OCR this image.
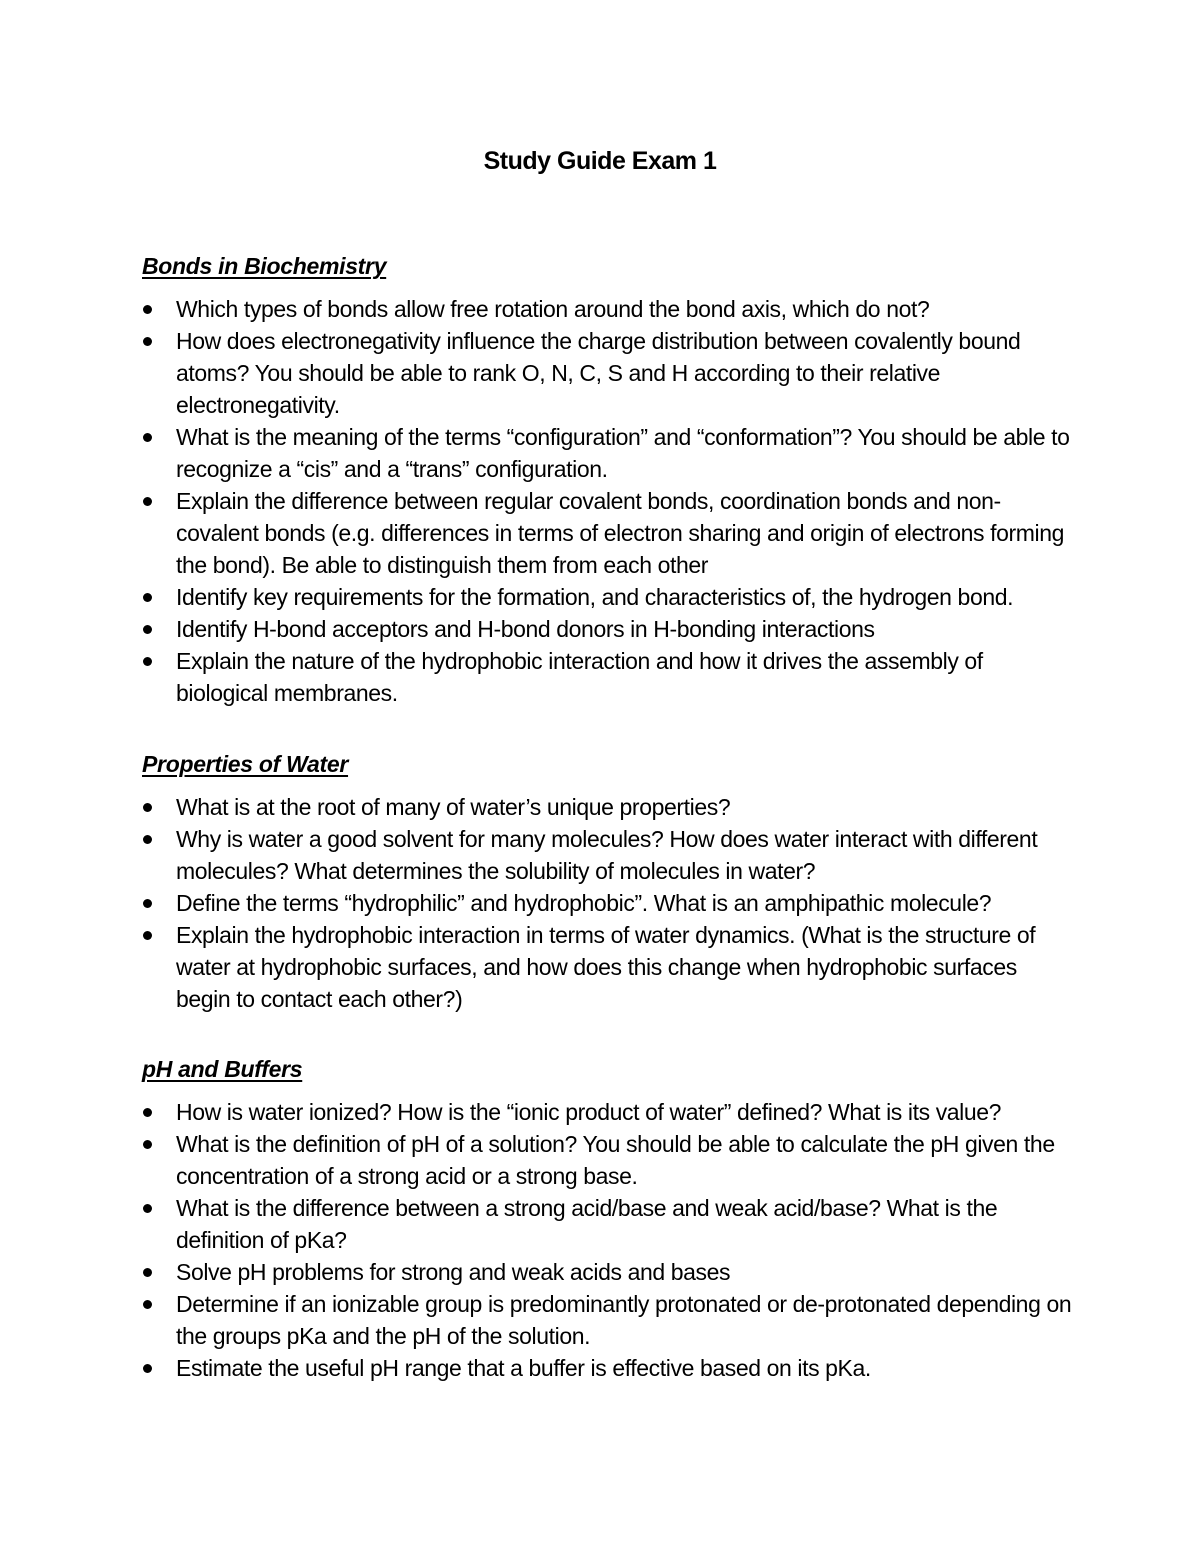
Study Guide Exam 1
Bonds in Biochemistry
Which types of bonds allow free rotation around the bond axis, which do not?
How does electronegativity influence the charge distribution between covalently bound atoms? You should be able to rank O, N, C, S and H according to their relative electronegativity.
What is the meaning of the terms “configuration” and “conformation”? You should be able to recognize a “cis” and a “trans” configuration.
Explain the difference between regular covalent bonds, coordination bonds and non-covalent bonds (e.g. differences in terms of electron sharing and origin of electrons forming the bond). Be able to distinguish them from each other
Identify key requirements for the formation, and characteristics of, the hydrogen bond.
Identify H-bond acceptors and H-bond donors in H-bonding interactions
Explain the nature of the hydrophobic interaction and how it drives the assembly of biological membranes.
Properties of Water
What is at the root of many of water’s unique properties?
Why is water a good solvent for many molecules? How does water interact with different molecules? What determines the solubility of molecules in water?
Define the terms “hydrophilic” and hydrophobic”. What is an amphipathic molecule?
Explain the hydrophobic interaction in terms of water dynamics. (What is the structure of water at hydrophobic surfaces, and how does this change when hydrophobic surfaces begin to contact each other?)
pH and Buffers
How is water ionized? How is the “ionic product of water” defined? What is its value?
What is the definition of pH of a solution? You should be able to calculate the pH given the concentration of a strong acid or a strong base.
What is the difference between a strong acid/base and weak acid/base? What is the definition of pKa?
Solve pH problems for strong and weak acids and bases
Determine if an ionizable group is predominantly protonated or de-protonated depending on the groups pKa and the pH of the solution.
Estimate the useful pH range that a buffer is effective based on its pKa.
